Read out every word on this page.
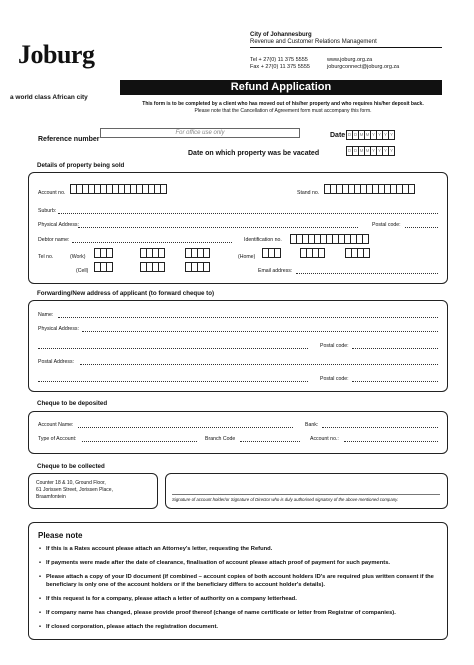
Joburg
a world class African city
City of Johannesburg
Revenue and Customer Relations Management
Tel + 27(0) 11 375 5555
Fax + 27(0) 11 375 5555
www.joburg.org.za
joburgconnect@joburg.org.za
Refund Application
This form is to be completed by a client who has moved out of his/her property and who requires his/her deposit back.
Please note that the Cancellation of Agreement form must accompany this form.
Reference number
For office use only	Date D D M M Y Y Y Y
Date on which property was be vacated	D D M M Y Y Y Y
Details of property being sold
Account no.	Stand no.
Suburb:
Physical Address:	Postal code:
Debtor name:	Identification no.
Tel no.	(Work)	(Home)
(Cell)	Email address:
Forwarding/New address of applicant (to forward cheque to)
Name:
Physical Address:
Postal code:
Postal Address:
Postal code:
Cheque to be deposited
Account Name:	Bank:
Type of Account:	Branch Code	Account no.:
Cheque to be collected
Counter 18 & 10, Ground Floor,
61 Jorissen Street, Jorissen Place,
Braamfontein	Signature of account holder/or Signature of Director who is duly authorised signatory of the above mentioned company.
Please note
• If this is a Rates account please attach an Attorney's letter, requesting the Refund.
• If payments were made after the date of clearance, finalisation of account please attach proof of payment for such payments.
• Please attach a copy of your ID document (if combined – account copies of both account holders ID's are required plus written consent if the beneficiary is only one of the account holders or if the beneficiary differs to account holder's details).
• If this request is for a company, please attach a letter of authority on a company letterhead.
• If company name has changed, please provide proof thereof (change of name certificate or letter from Registrar of companies).
• If closed corporation, please attach the registration document.
